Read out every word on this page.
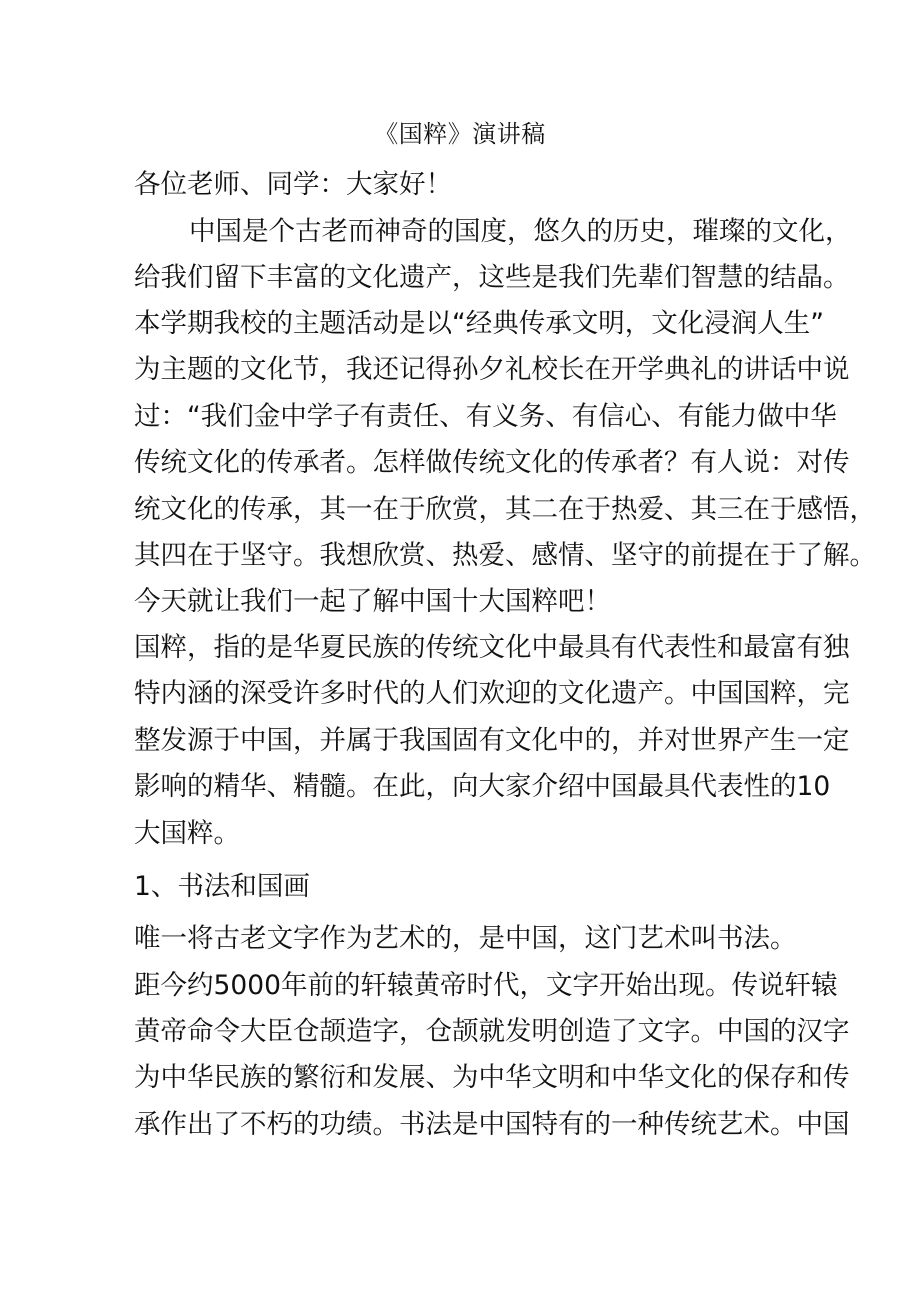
《国粹》演讲稿
各位老师、同学：大家好！
中国是个古老而神奇的国度，悠久的历史，璀璨的文化，
给我们留下丰富的文化遗产，这些是我们先辈们智慧的结晶。
本学期我校的主题活动是以“经典传承文明，文化浸润人生”
为主题的文化节，我还记得孙夕礼校长在开学典礼的讲话中说
过：“我们金中学子有责任、有义务、有信心、有能力做中华
传统文化的传承者。怎样做传统文化的传承者？有人说：对传
统文化的传承，其一在于欣赏，其二在于热爱、其三在于感悟，
其四在于坚守。我想欣赏、热爱、感情、坚守的前提在于了解。
今天就让我们一起了解中国十大国粹吧！
国粹，指的是华夏民族的传统文化中最具有代表性和最富有独
特内涵的深受许多时代的人们欢迎的文化遗产。中国国粹，完
整发源于中国，并属于我国固有文化中的，并对世界产生一定
影响的精华、精髓。在此，向大家介绍中国最具代表性的10
大国粹。
1、书法和国画
唯一将古老文字作为艺术的，是中国，这门艺术叫书法。
距今约5000年前的轩辕黄帝时代，文字开始出现。传说轩辕
黄帝命令大臣仓颉造字，仓颉就发明创造了文字。中国的汉字
为中华民族的繁衍和发展、为中华文明和中华文化的保存和传
承作出了不朽的功绩。书法是中国特有的一种传统艺术。中国
